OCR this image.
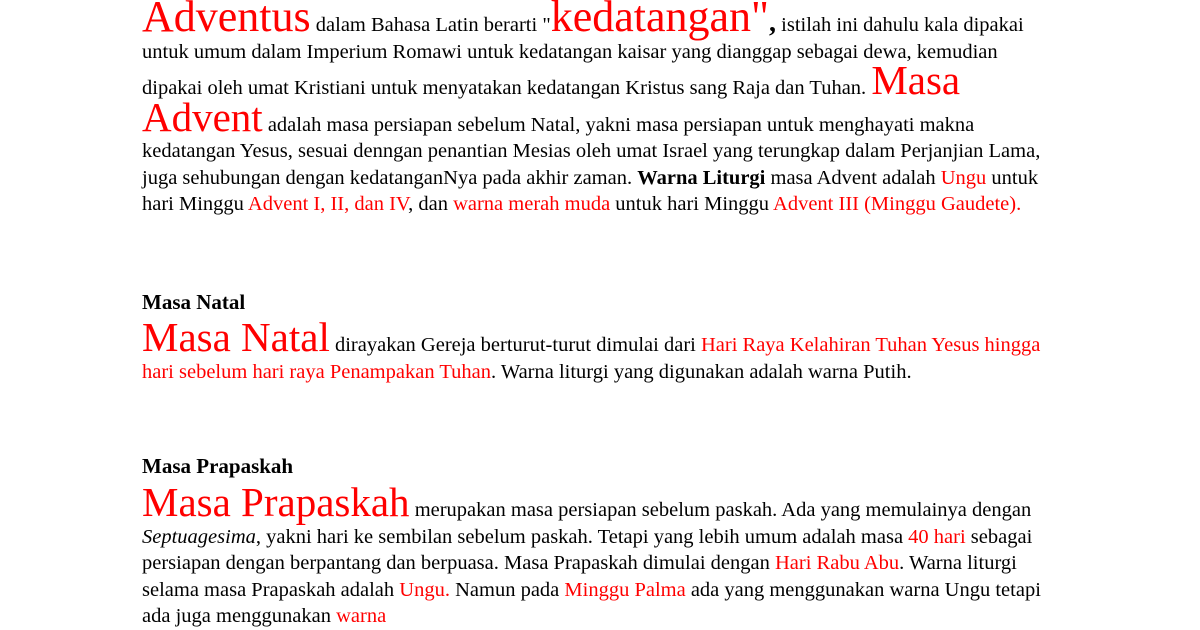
Adventus dalam Bahasa Latin berarti "kedatangan", istilah ini dahulu kala dipakai untuk umum dalam Imperium Romawi untuk kedatangan kaisar yang dianggap sebagai dewa, kemudian dipakai oleh umat Kristiani untuk menyatakan kedatangan Kristus sang Raja dan Tuhan. Masa Advent adalah masa persiapan sebelum Natal, yakni masa persiapan untuk menghayati makna kedatangan Yesus, sesuai denngan penantian Mesias oleh umat Israel yang terungkap dalam Perjanjian Lama, juga sehubungan dengan kedatanganNya pada akhir zaman. Warna Liturgi masa Advent adalah Ungu untuk hari Minggu Advent I, II, dan IV, dan warna merah muda untuk hari Minggu Advent III (Minggu Gaudete).

Masa Natal

Masa Natal dirayakan Gereja berturut-turut dimulai dari Hari Raya Kelahiran Tuhan Yesus hingga hari sebelum hari raya Penampakan Tuhan. Warna liturgi yang digunakan adalah warna Putih.

Masa Prapaskah

Masa Prapaskah merupakan masa persiapan sebelum paskah. Ada yang memulainya dengan Septuagesima, yakni hari ke sembilan sebelum paskah. Tetapi yang lebih umum adalah masa 40 hari sebagai persiapan dengan berpantang dan berpuasa. Masa Prapaskah dimulai dengan Hari Rabu Abu. Warna liturgi selama masa Prapaskah adalah Ungu. Namun pada Minggu Palma ada yang menggunakan warna Ungu tetapi ada juga menggunakan warna
